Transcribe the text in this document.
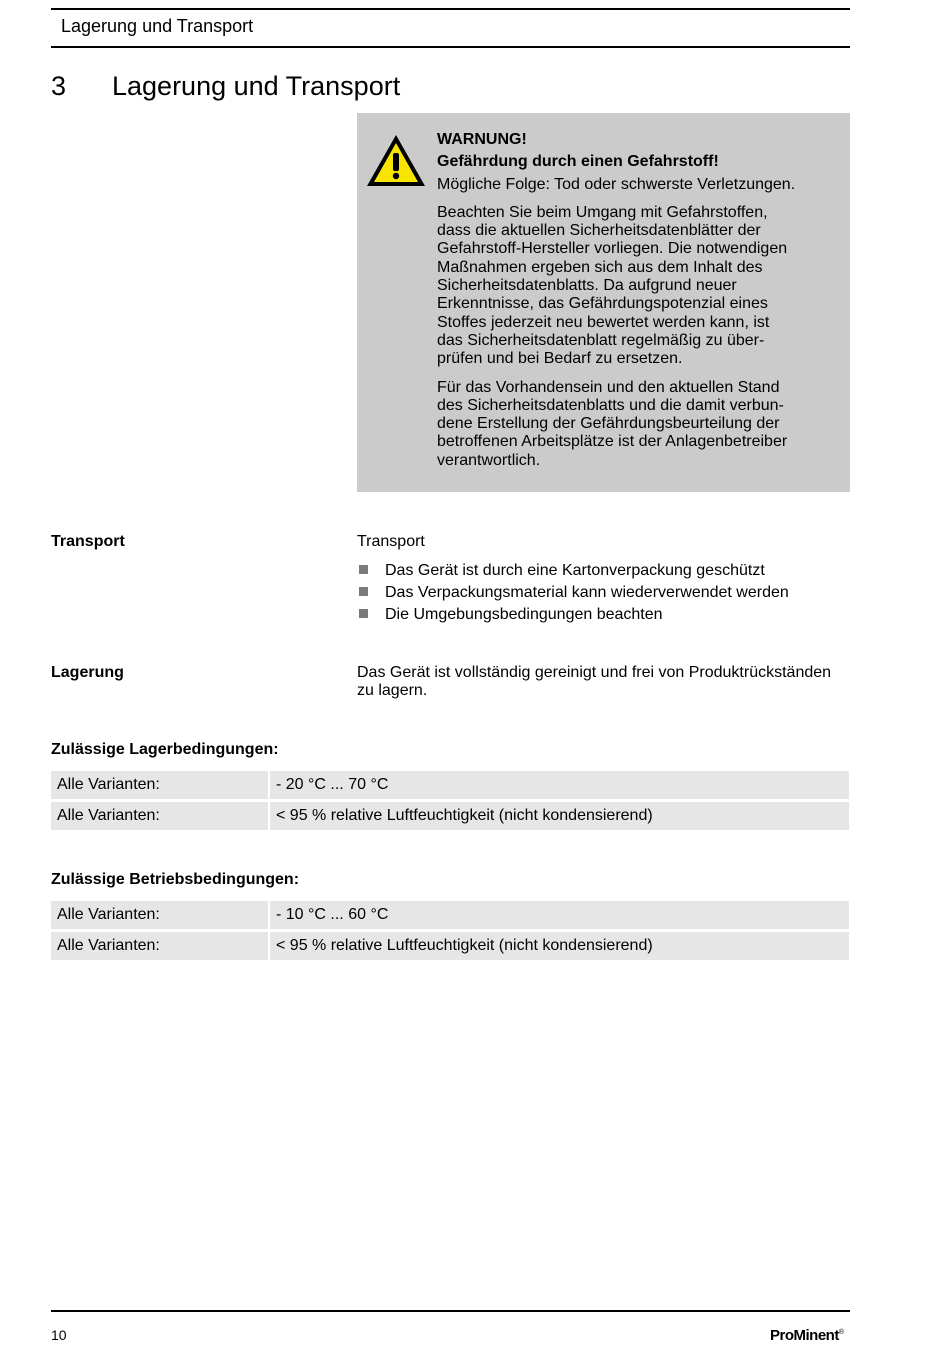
Lagerung und Transport
3 Lagerung und Transport
WARNUNG!
Gefährdung durch einen Gefahrstoff!
Mögliche Folge: Tod oder schwerste Verletzungen.
Beachten Sie beim Umgang mit Gefahrstoffen,
dass die aktuellen Sicherheitsdatenblätter der
Gefahrstoff-Hersteller vorliegen. Die notwendigen
Maßnahmen ergeben sich aus dem Inhalt des
Sicherheitsdatenblatts. Da aufgrund neuer
Erkenntnisse, das Gefährdungspotenzial eines
Stoffes jederzeit neu bewertet werden kann, ist
das Sicherheitsdatenblatt regelmäßig zu über-
prüfen und bei Bedarf zu ersetzen.
Für das Vorhandensein und den aktuellen Stand
des Sicherheitsdatenblatts und die damit verbun-
dene Erstellung der Gefährdungsbeurteilung der
betroffenen Arbeitsplätze ist der Anlagenbetreiber
verantwortlich.
Transport	Transport
Das Gerät ist durch eine Kartonverpackung geschützt
Das Verpackungsmaterial kann wiederverwendet werden
Die Umgebungsbedingungen beachten
Lagerung	Das Gerät ist vollständig gereinigt und frei von Produktrückständen
zu lagern.
Zulässige Lagerbedingungen:
Alle Varianten:	- 20 °C ... 70 °C
Alle Varianten:	< 95 % relative Luftfeuchtigkeit (nicht kondensierend)
Zulässige Betriebsbedingungen:
Alle Varianten:	- 10 °C ... 60 °C
Alle Varianten:	< 95 % relative Luftfeuchtigkeit (nicht kondensierend)
10	ProMinent®
